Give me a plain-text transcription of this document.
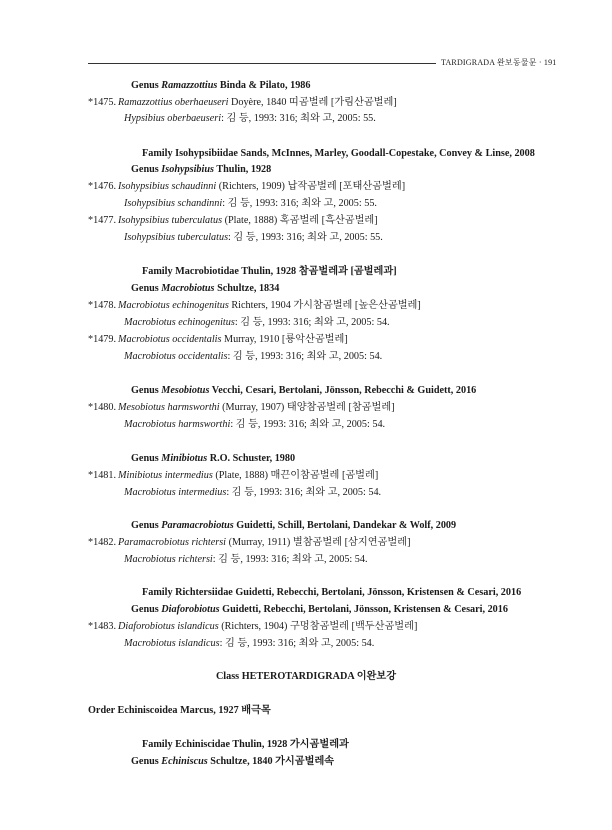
TARDIGRADA 완보동물문 · 191
Genus Ramazzottius Binda & Pilato, 1986
*1475. Ramazzottius oberhaeuseri Doyère, 1840 띠곰벌레 [가림산곰벌레]
Hypsibius oberbaeuseri: 김 등, 1993: 316; 최와 고, 2005: 55.
Family Isohypsibiidae Sands, McInnes, Marley, Goodall-Copestake, Convey & Linse, 2008
Genus Isohypsibius Thulin, 1928
*1476. Isohypsibius schaudinni (Richters, 1909) 납작곰벌레 [포태산곰벌레]
Isohypsibius schandinni: 김 등, 1993: 316; 최와 고, 2005: 55.
*1477. Isohypsibius tuberculatus (Plate, 1888) 혹곰벌레 [흑산곰벌레]
Isohypsibius tuberculatus: 김 등, 1993: 316; 최와 고, 2005: 55.
Family Macrobiotidae Thulin, 1928 참곰벌레과 [곰벌레과]
Genus Macrobiotus Schultze, 1834
*1478. Macrobiotus echinogenitus Richters, 1904 가시참곰벌레 [높은산곰벌레]
Macrobiotus echinogenitus: 김 등, 1993: 316; 최와 고, 2005: 54.
*1479. Macrobiotus occidentalis Murray, 1910 [룡악산곰벌레]
Macrobiotus occidentalis: 김 등, 1993: 316; 최와 고, 2005: 54.
Genus Mesobiotus Vecchi, Cesari, Bertolani, Jönsson, Rebecchi & Guidett, 2016
*1480. Mesobiotus harmsworthi (Murray, 1907) 태양참곰벌레 [참곰벌레]
Macrobiotus harmsworthi: 김 등, 1993: 316; 최와 고, 2005: 54.
Genus Minibiotus R.O. Schuster, 1980
*1481. Minibiotus intermedius (Plate, 1888) 매끈이참곰벌레 [곰벌레]
Macrobiotus intermedius: 김 등, 1993: 316; 최와 고, 2005: 54.
Genus Paramacrobiotus Guidetti, Schill, Bertolani, Dandekar & Wolf, 2009
*1482. Paramacrobiotus richtersi (Murray, 1911) 별참곰벌레 [삼지연곰벌레]
Macrobiotus richtersi: 김 등, 1993: 316; 최와 고, 2005: 54.
Family Richtersiidae Guidetti, Rebecchi, Bertolani, Jönsson, Kristensen & Cesari, 2016
Genus Diaforobiotus Guidetti, Rebecchi, Bertolani, Jönsson, Kristensen & Cesari, 2016
*1483. Diaforobiotus islandicus (Richters, 1904) 구멍참곰벌레 [백두산곰벌레]
Macrobiotus islandicus: 김 등, 1993: 316; 최와 고, 2005: 54.
Class HETEROTARDIGRADA 이완보강
Order Echiniscoidea Marcus, 1927 배극목
Family Echiniscidae Thulin, 1928 가시곰벌레과
Genus Echiniscus Schultze, 1840 가시곰벌레속
